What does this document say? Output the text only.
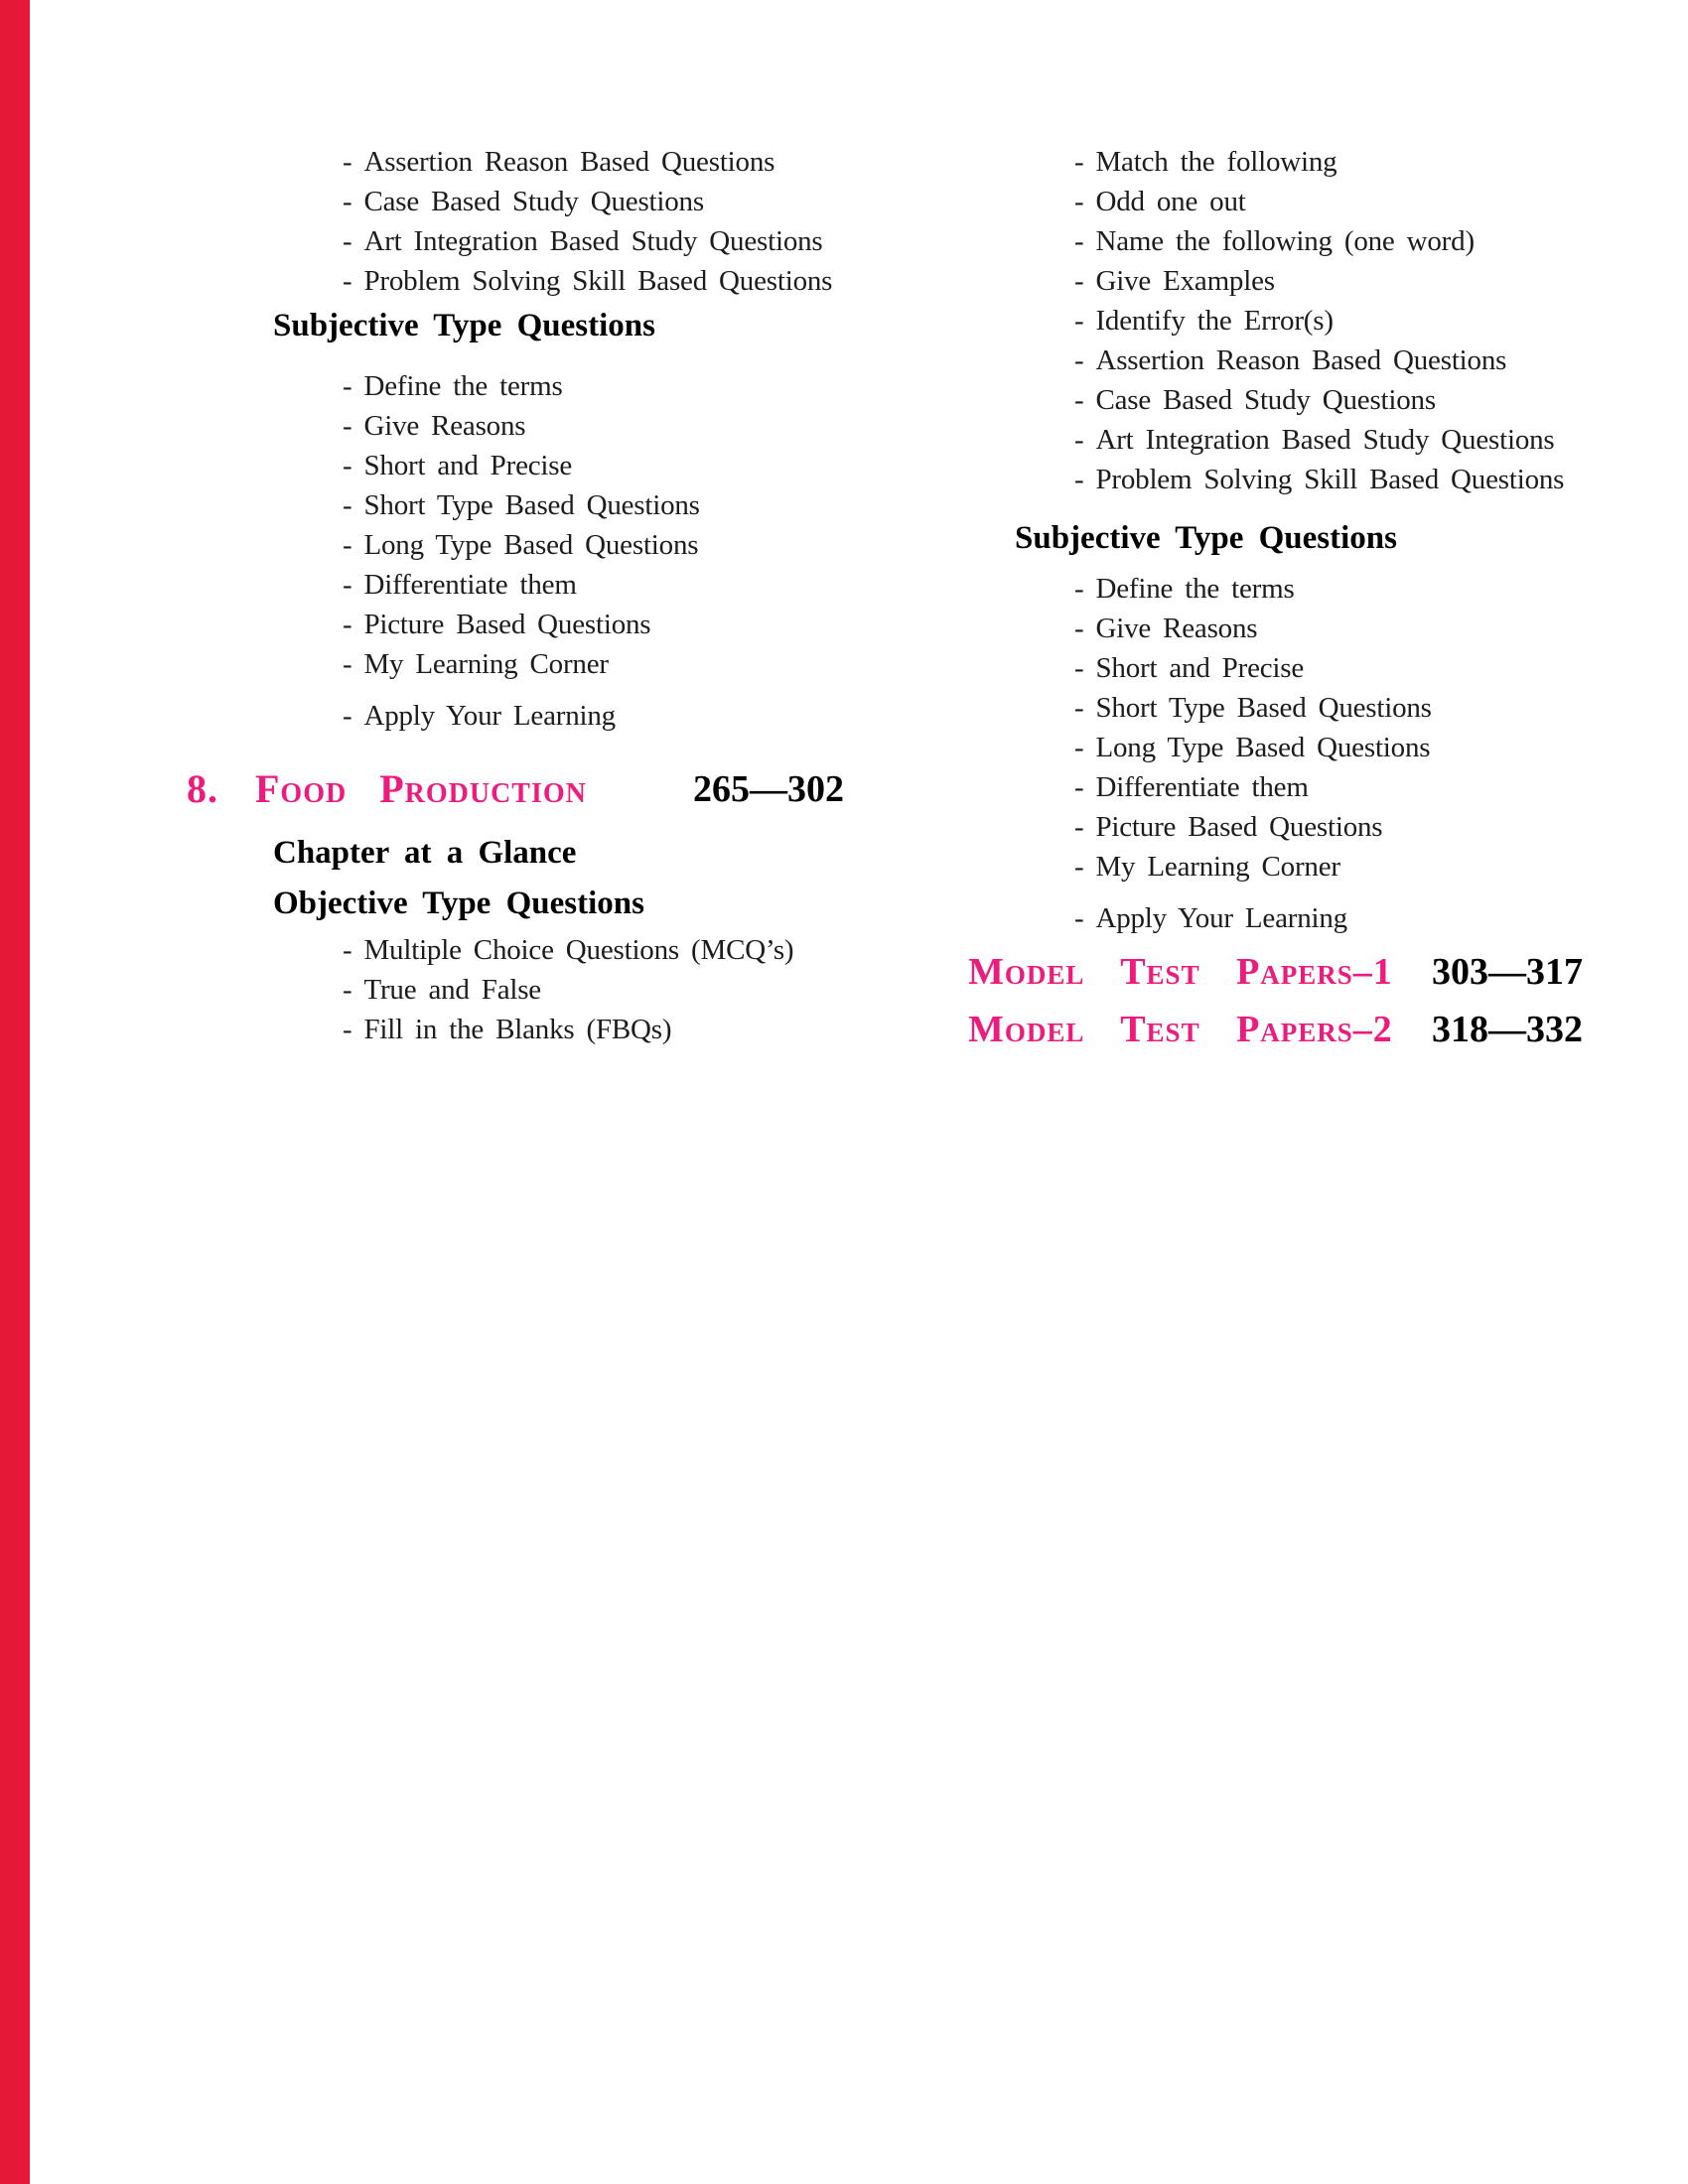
- Assertion Reason Based Questions
- Case Based Study Questions
- Art Integration Based Study Questions
- Problem Solving Skill Based Questions
Subjective Type Questions
- Define the terms
- Give Reasons
- Short and Precise
- Short Type Based Questions
- Long Type Based Questions
- Differentiate them
- Picture Based Questions
- My Learning Corner
- Apply Your Learning
8. Food Production	265—302
Chapter at a Glance
Objective Type Questions
- Multiple Choice Questions (MCQ’s)
- True and False
- Fill in the Blanks (FBQs)
- Match the following
- Odd one out
- Name the following (one word)
- Give Examples
- Identify the Error(s)
- Assertion Reason Based Questions
- Case Based Study Questions
- Art Integration Based Study Questions
- Problem Solving Skill Based Questions
Subjective Type Questions
- Define the terms
- Give Reasons
- Short and Precise
- Short Type Based Questions
- Long Type Based Questions
- Differentiate them
- Picture Based Questions
- My Learning Corner
- Apply Your Learning
Model Test Papers–1 303—317
Model Test Papers–2 318—332
